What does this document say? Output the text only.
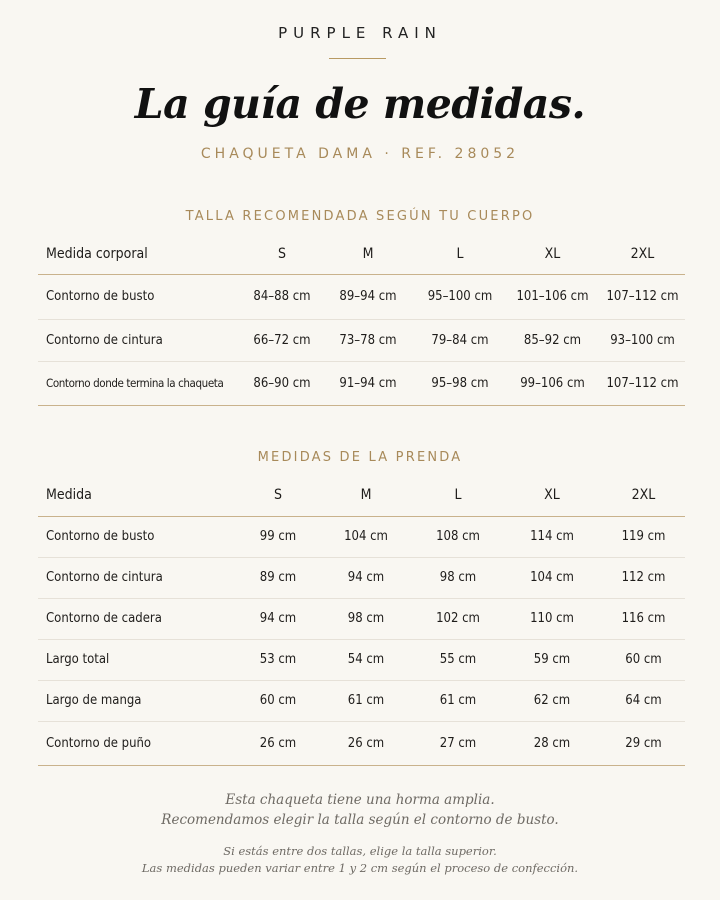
PURPLE RAIN
La guía de medidas.
CHAQUETA DAMA · REF. 28052
TALLA RECOMENDADA SEGÚN TU CUERPO
Medida corporal	S	M	L	XL	2XL
Contorno de busto	84–88 cm	89–94 cm	95–100 cm	101–106 cm	107–112 cm
Contorno de cintura	66–72 cm	73–78 cm	79–84 cm	85–92 cm	93–100 cm
Contorno donde termina la chaqueta	86–90 cm	91–94 cm	95–98 cm	99–106 cm	107–112 cm
MEDIDAS DE LA PRENDA
Medida	S	M	L	XL	2XL
Contorno de busto	99 cm	104 cm	108 cm	114 cm	119 cm
Contorno de cintura	89 cm	94 cm	98 cm	104 cm	112 cm
Contorno de cadera	94 cm	98 cm	102 cm	110 cm	116 cm
Largo total	53 cm	54 cm	55 cm	59 cm	60 cm
Largo de manga	60 cm	61 cm	61 cm	62 cm	64 cm
Contorno de puño	26 cm	26 cm	27 cm	28 cm	29 cm
Esta chaqueta tiene una horma amplia.
Recomendamos elegir la talla según el contorno de busto.
Si estás entre dos tallas, elige la talla superior.
Las medidas pueden variar entre 1 y 2 cm según el proceso de confección.
